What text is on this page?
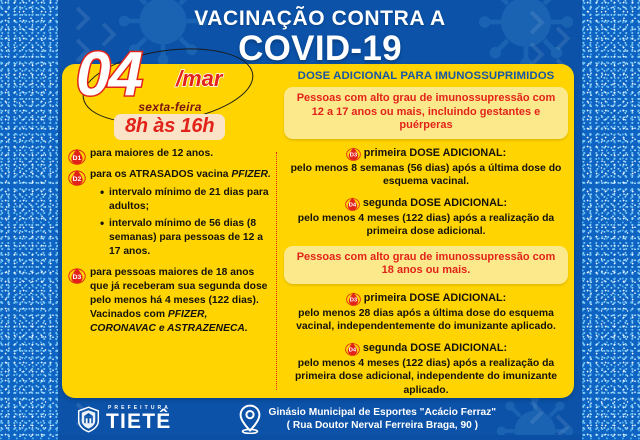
VACINAÇÃO CONTRA A
COVID-19
04 /mar
sexta-feira
8h às 16h
D1 para maiores de 12 anos.
D2 para os ATRASADOS vacina PFIZER.
• intervalo mínimo de 21 dias para adultos;
• intervalo mínimo de 56 dias (8 semanas) para pessoas de 12 a 17 anos.
D3 para pessoas maiores de 18 anos que já receberam sua segunda dose pelo menos há 4 meses (122 dias). Vacinados com PFIZER, CORONAVAC e ASTRAZENECA.
DOSE ADICIONAL PARA IMUNOSSUPRIMIDOS
Pessoas com alto grau de imunossupressão com 12 a 17 anos ou mais, incluindo gestantes e puérperas
D3 primeira DOSE ADICIONAL:
pelo menos 8 semanas (56 dias) após a última dose do esquema vacinal.
D4 segunda DOSE ADICIONAL:
pelo menos 4 meses (122 dias) após a realização da primeira dose adicional.
Pessoas com alto grau de imunossupressão com 18 anos ou mais.
D3 primeira DOSE ADICIONAL:
pelo menos 28 dias após a última dose do esquema vacinal, independentemente do imunizante aplicado.
D4 segunda DOSE ADICIONAL:
pelo menos 4 meses (122 dias) após a realização da primeira dose adicional, independente do imunizante aplicado.
PREFEITURA
TIETÊ	Ginásio Municipal de Esportes "Acácio Ferraz"
( Rua Doutor Nerval Ferreira Braga, 90 )
